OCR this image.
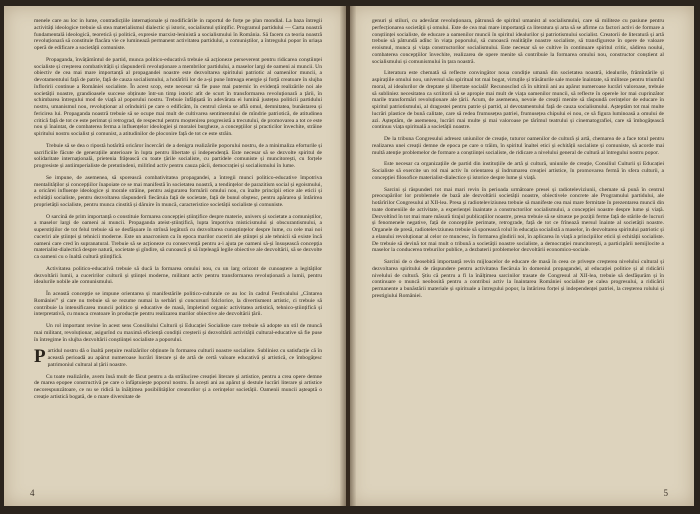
menele care au loc in lume, contradicțiile internaționale și modificările in raportul de forțe pe plan mondial. La baza întregii activități ideologice trebuie să stea materialismul dialectic și istoric, socialismul științific. Programul partidului — Carta noastră fundamentală ideologică, teoretică și politică, expresie marxist-leninistă a socialismului în România. Să facem ca teoria noastră revoluționară să constituie flacăra vie ce luminează permanent activitatea partidului, a comuniștilor, a întregului popor în uriașa operă de edificare a societății comuniste.

Propaganda, învățămîntul de partid, munca politico-educativă trebuie să acționeze perseverent pentru ridicarea conștiinței socialiste și creșterea combativității și răspunderii revoluționare a membrilor partidului, a maselor largi de oameni ai muncii. Un obiectiv de cea mai mare importanță al propagandei noastre este dezvoltarea spiritului patriotic al oamenilor muncii, a devotamentului față de patrie, față de cauza socialismului, a hotărîrii lor de a-și pune întreaga energie și forță creatoare în slujba înfloririi continue a României socialiste. În acest scop, este necesar să fie puse mai puternic în evidență realizările noi ale societății noastre, grandioasele succese obținute într-un timp istoric atît de scurt în transformarea revoluționară a țării, în schimbarea întregului mod de viață al poporului nostru. Trebuie înfățișată în adevărata ei lumină justețea politicii partidului nostru, umanismul nou, revoluționar al orînduirii pe care o edificăm, în centrul căreia se află omul, demnitatea, bunăstarea și fericirea lui. Propaganda noastră trebuie să se ocupe mai mult de cultivarea sentimentului de mîndrie patriotică, de atitudinea critică față de tot ce este perimat și retrograd, de respectul pentru moștenirea progresistă a trecutului, de promovarea a tot ce este nou și înaintat, de combaterea ferma a influențelor ideologiei și moralei burgheze, a concepțiilor și practicilor învechite, străine spiritului nostru socialist și comunist, a atitudinilor de ploconire față de tot ce este străin.

Trebuie să se dea o ripostă hotărîtă oricăror încercări de a denigra realizările poporului nostru, de a minimaliza eforturile și sacrificiile făcute de generațiile anterioare în lupta pentru libertate și independență. Este necesar să se dezvolte spiritul de solidaritate internațională, prietenia frățească cu toate țările socialiste, cu partidele comuniste și muncitorești, cu forțele progresiste și antiimperialiste de pretutindeni, militînd activ pentru cauza păcii, democrației și socialismului în lume.

Se impune, de asemenea, să sporească combativitatea propagandei, a întregii munci politico-educative împotriva mentalităților și concepțiilor înapoiate ce se mai manifestă în societatea noastră, a tendințelor de parazitism social și egoismului, a oricărei influențe ideologice și morale străine, pentru asigurarea formării omului nou, cu înalte principii etice ale eticii și echității socialiste, pentru dezvoltarea răspunderii fiecăruia față de societate, față de bunul obștesc, pentru apărarea și întărirea proprietății socialiste, pentru munca cinstită și dăruire în muncă, caracteristice societății socialiste și comuniste.

O sarcină de prim importanță o constituie formarea concepției științifice despre materie, univers și societate a comuniștilor, a maselor largi de oameni ai muncii. Propaganda ateist-științifică, lupta împotriva misticismului și obscurantismului, a superstițiilor de tot felul trebuie să se desfășoare în strînsă legătură cu dezvoltarea cunoștințelor despre lume, cu cele mai noi cuceriri ale științei și tehnicii moderne. Este un anacronism ca în epoca marilor cuceriri ale științei și ale tehnicii să existe încă oameni care cred în supranatural. Trebuie să se acționeze cu consecvență pentru a-i ajuta pe oameni să-și însușească concepția materialist-dialectică despre natură, societate și gîndire, să cunoască și să înțeleagă legile obiective ale dezvoltării, să se dezvolte ca oameni cu o înaltă cultură științifică.

Activitatea politico-educativă trebuie să ducă la formarea omului nou, cu un larg orizont de cunoaștere a legităților dezvoltării lumii, a cuceririlor culturii și științei moderne, militant activ pentru transformarea revoluționară a lumii, pentru idealurile nobile ale comunismului.

În această concepție se impune orientarea și manifestările politico-culturale ce au loc în cadrul Festivalului „Cîntarea României” și care nu trebuie să se rezume numai la serbări și concursuri folclorice, la divertisment artistic, ci trebuie să contribuie la intensificarea muncii politico și educative de masă, împletind organic activitatea artistică, tehnico-științifică și interpretativă, cu munca creatoare în producție pentru realizarea marilor obiective ale dezvoltării țării.

Un rol important revine în acest sens Consiliului Culturii și Educației Socialiste care trebuie să adopte un stil de muncă mai militant, revoluționar, asigurînd cu maximă eficiență condiții creșterii și dezvoltării activității cultural-educative să fie puse în întregime în slujba dezvoltării conștiinței socialiste a poporului.

Partidul nostru dă o înaltă prețuire realizărilor obținute în formarea culturii noastre socialiste. Subliniez cu satisfacție că în această perioadă au apărut numeroase lucrări literare și de artă de certă valoare educativă și artistică, ce îmbogățesc patrimoniul cultural al țării noastre.

Cu toate realizările, avem însă mult de făcut pentru a da străluciree creației literare și artistice, pentru a crea opere demne de marea epopee constructivă pe care o înfăptuiește poporul nostru. În acești ani au apărut și destule lucrări literare și artistice necorespunzătoare, ce nu se ridică la înălțimea posibilităților creatorilor și a cerințelor societății. Oamenii muncii așteaptă o creație artistică bogată, de o mare diversitate de

4

genuri și stiluri, cu adevărat revoluționara, pătrunsă de spiritul umanist al socialismului, care să militeze cu pasiune pentru perfecționarea societății și omului. Este de cea mai mare importanță ca literatura și arta să se afirme ca factori activi de formare a conștiinței socialiste, de educare a oamenilor muncii în spiritul idealurilor și patriotismului socialist. Creatorii de literatură și artă trebuie să pătrundă adînc în viața poporului, să cunoască realitățile noastre socialiste, să transfigureze în opere de valoare eroismul, munca și viața constructorilor socialismului. Este necesar să se cultive în continuare spiritul critic, sădirea noului, combaterea concepțiilor învechite, realizarea de opere menite să contribuie la formarea omului nou, constructor conștient al socialismului și comunismului în țara noastră.

Literatura este chemată să reflecte convingător noua condiție umană din societatea noastră, idealurile, frămîntările și aspirațiile omului nou, universul său spiritual tot mai bogat, virtuțile și trăsăturile sale morale înaintate, să militeze pentru triumful moral, al idealurilor de dreptate și libertate socială! Recunoscînd că în ultimii ani au apărut numeroase lucrări valoroase, trebuie să subliniez necesitatea ca scriitorii să se apropie mai mult de viața oamenilor muncii, să reflecte în operele lor mai cuprinzător marile transformări revoluționare ale țării. Acum, de asemenea, nevoie de creații menite să răspundă cerințelor de educare în spiritul patriotismului, al dragostei pentru patrie și partid, al devotamentului față de cauza socialismului. Așteptăm tot mai multe lucrări plastice de bună calitate, care să redea frumusețea patriei, frumusețea chipului ei nou, ce să figura luminoasă a omului de azi. Așteptăm, de asemenea, lucrări mai multe și mai valoroase pe tărîmul teatrului și cinematografiei, care să îmbogățească continuu viața spirituală a societății noastre.

De la tribuna Congresului adresez uniunilor de creație, tuturor oamenilor de cultură și artă, chemarea de a face totul pentru realizarea unei creații demne de epoca pe care o trăim, în spiritul înaltei etici și echității socialiste și comuniste, să acorde mai multă atenție problemelor de formare a conștiinței socialiste, de ridicare a nivelului general de cultură al întregului nostru popor.

Este necesar ca organizațiile de partid din instituțiile de artă și cultură, uniunile de creație, Consiliul Culturii și Educației Socialiste să exercite un rol mai activ în orientarea și îndrumarea creației artistice, în promovarea fermă în sfera culturii, a concepției filosofice materialist-dialectice și istorice despre lume și viață.

Sarcini și răspunderi tot mai mari revin în perioada următoare presei și radioteleviziunii, chemate să pună în centrul preocupărilor lor problemele de bază ale dezvoltării societății noastre, obiectivele concrete ale Programului partidului, ale hotărîrilor Congresului al XII-lea. Presa și radioteleviziunea trebuie să manifeste cea mai mare fermitate în prezentarea muncii din toate domeniile de activitate, a experienței înaintate a constructorilor socialismului, a concepției noastre despre lume și viață. Dezvoltînd în tot mai mare măsură tirajul publicațiilor noastre, presa trebuie să se situeze pe poziții ferme față de stările de lucruri și fenomenele negative, față de concepțiile perimate, retrograde, față de tot ce frînează mersul înainte al societății noastre. Organele de presă, radioteleviziunea trebuie să sporească rolul în educația socialistă a maselor, în dezvoltarea spiritului patriotic și a elanului revoluționar al celor ce muncesc, în formarea gîndirii noi, în aplicarea în viață a principiilor eticii și echității socialiste. De trebuie să devină tot mai mult o tribună a societății noastre socialiste, a democrației muncitorești, a participării nemijlocite a maselor la conducerea treburilor publice, a dezbaterii problemelor dezvoltării economico-sociale.

Sarcini de o deosebită importanță revin mijloacelor de educare de masă în ceea ce privește creșterea nivelului cultural și dezvoltarea spiritului de răspundere pentru activitatea fiecăruia în domeniul propagandei, al educației politice și al ridicării nivelului de cultură. Știu că pentru a fi la înălțimea sarcinilor trasate de Congresul al XII-lea, trebuie să desfășurăm și în continuare o muncă neobosită pentru a contribui activ la înaintarea României socialiste pe calea progresului, a ridicării permanente a bunăstării materiale și spirituale a întregului popor, la întărirea forței și independenței patriei, la creșterea rolului și prestigiului României.

5
